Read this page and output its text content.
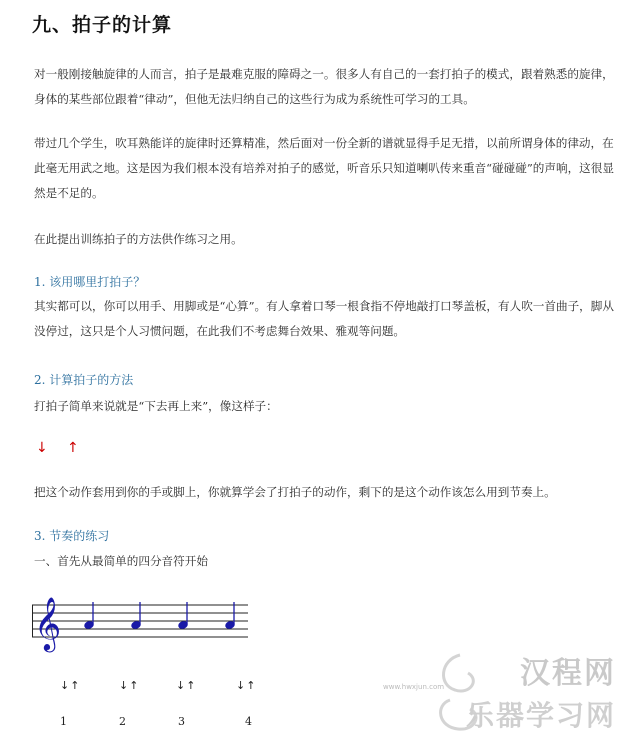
九、拍子的计算
对一般刚接触旋律的人而言，拍子是最难克服的障碍之一。很多人有自己的一套打拍子的模式，跟着熟悉的旋律，身体的某些部位跟着“律动”，但他无法归纳自己的这些行为成为系统性可学习的工具。
带过几个学生，吹耳熟能详的旋律时还算精准，然后面对一份全新的谱就显得手足无措，以前所谓身体的律动，在此毫无用武之地。这是因为我们根本没有培养对拍子的感觉，听音乐只知道喇叭传来重音“碰碰碰”的声响，这很显然是不足的。
在此提出训练拍子的方法供作练习之用。
1. 该用哪里打拍子？
其实都可以，你可以用手、用脚或是“心算”。有人拿着口琴一根食指不停地敲打口琴盖板，有人吹一首曲子，脚从没停过，这只是个人习惯问题，在此我们不考虑舞台效果、雅观等问题。
2. 计算拍子的方法
打拍子简单来说就是“下去再上来”，像这样子：
↓ ↑
把这个动作套用到你的手或脚上，你就算学会了打拍子的动作，剩下的是这个动作该怎么用到节奏上。
3. 节奏的练习
一、首先从最简单的四分音符开始
𝄞
↓↑	↓↑	↓↑	↓↑
1	2	3	4
汉程网
www.hwxjun.com
乐器学习网
